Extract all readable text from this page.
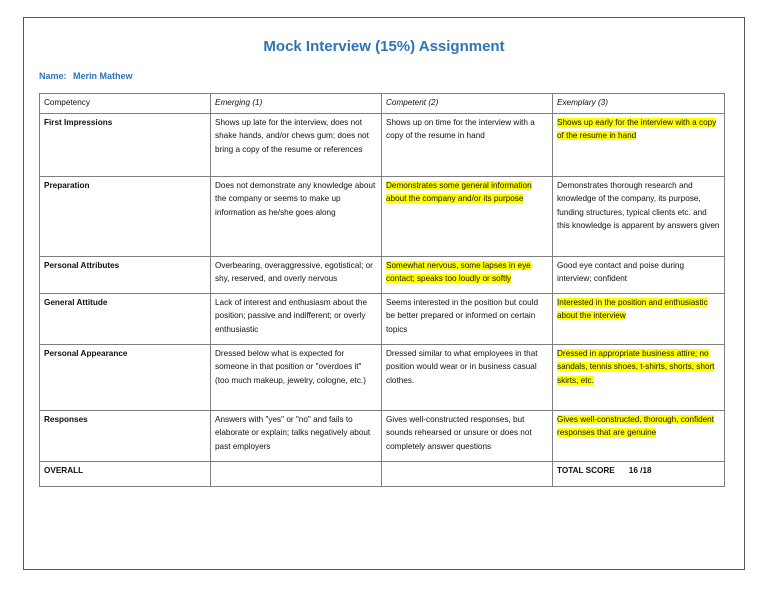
Mock Interview (15%) Assignment
Name: Merin Mathew
Competency	Emerging (1)	Competent (2)	Exemplary (3)
First Impressions	Shows up late for the interview, does not shake hands, and/or chews gum; does not bring a copy of the resume or references	Shows up on time for the interview with a copy of the resume in hand	Shows up early for the interview with a copy of the resume in hand
Preparation	Does not demonstrate any knowledge about the company or seems to make up information as he/she goes along	Demonstrates some general information about the company and/or its purpose	Demonstrates thorough research and knowledge of the company, its purpose, funding structures, typical clients etc. and this knowledge is apparent by answers given
Personal Attributes	Overbearing, overaggressive, egotistical; or shy, reserved, and overly nervous	Somewhat nervous, some lapses in eye contact; speaks too loudly or softly	Good eye contact and poise during interview; confident
General Attitude	Lack of interest and enthusiasm about the position; passive and indifferent; or overly enthusiastic	Seems interested in the position but could be better prepared or informed on certain topics	Interested in the position and enthusiastic about the interview
Personal Appearance	Dressed below what is expected for someone in that position or "overdoes it" (too much makeup, jewelry, cologne, etc.)	Dressed similar to what employees in that position would wear or in business casual clothes.	Dressed in appropriate business attire; no sandals, tennis shoes, t-shirts, shorts, short skirts, etc.
Responses	Answers with "yes" or "no" and fails to elaborate or explain; talks negatively about past employers	Gives well-constructed responses, but sounds rehearsed or unsure or does not completely answer questions	Gives well-constructed, thorough, confident responses that are genuine
OVERALL			TOTAL SCORE 16 /18
